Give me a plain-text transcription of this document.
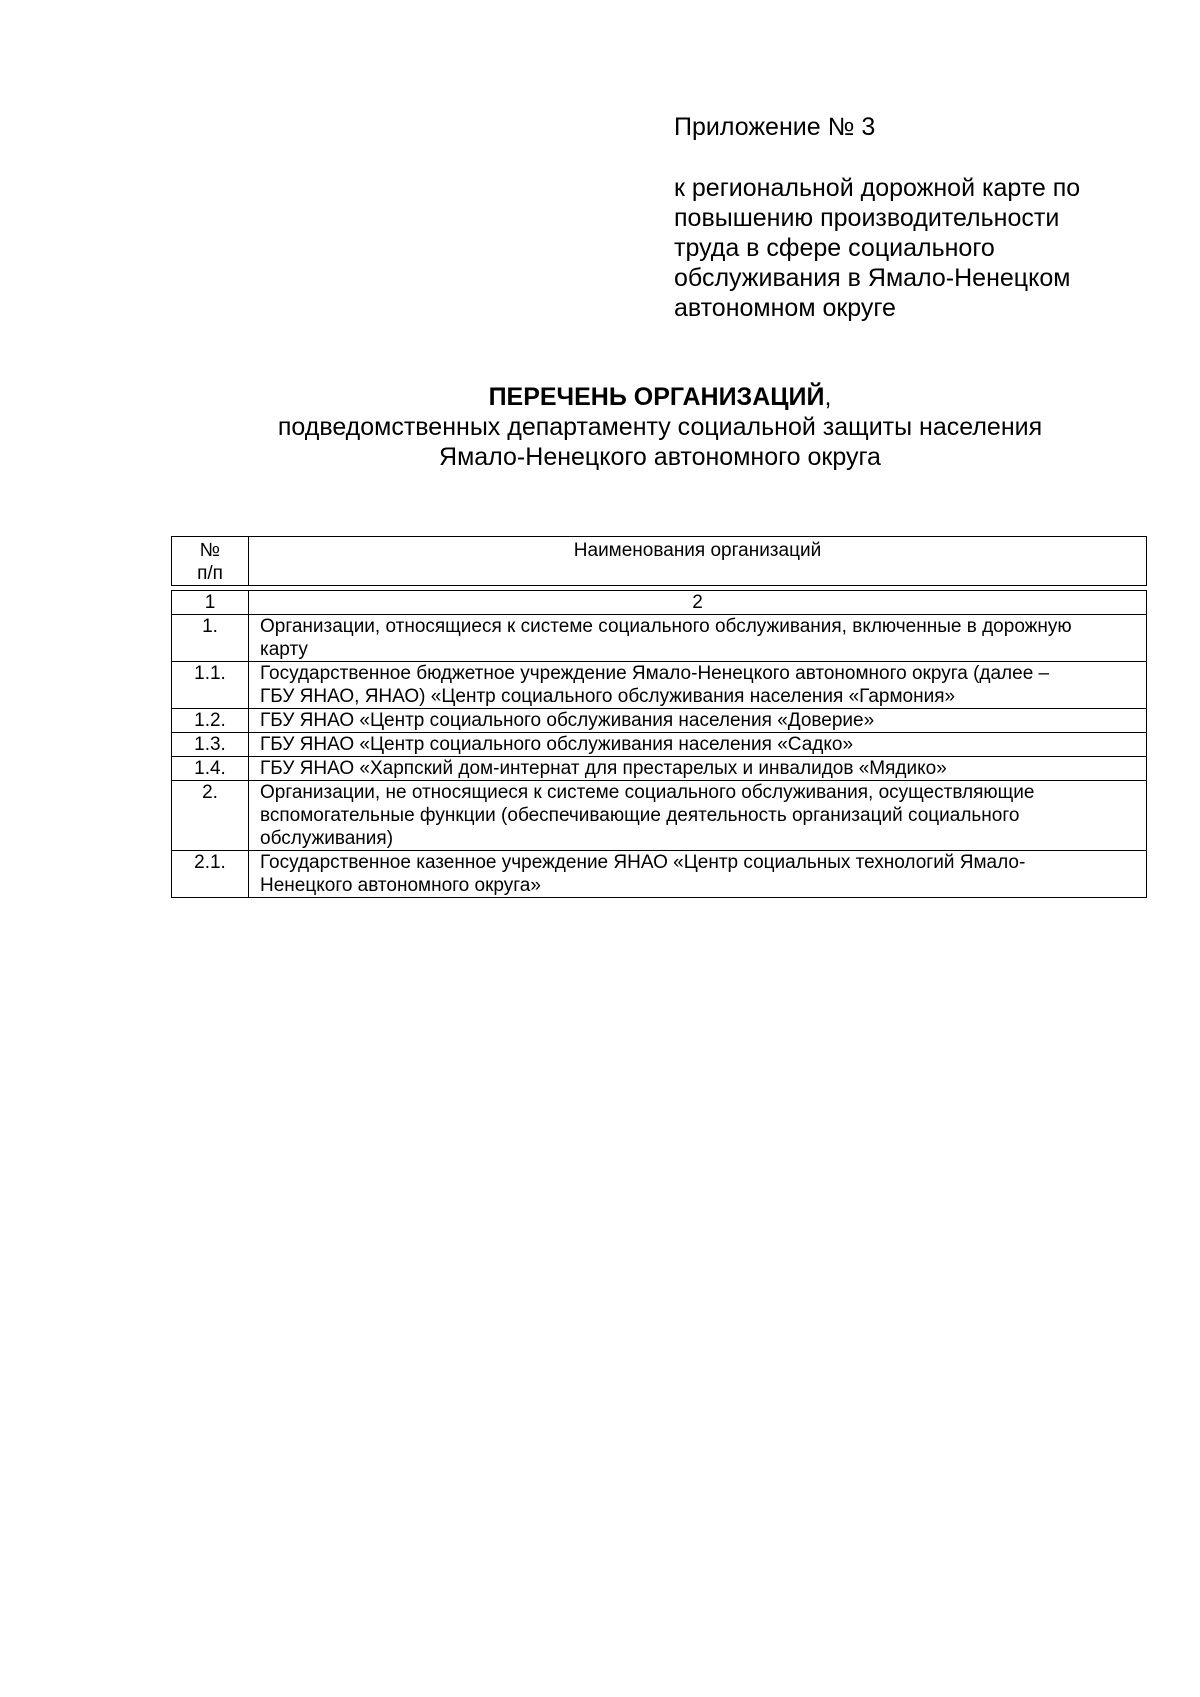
Приложение № 3
к региональной дорожной карте по
повышению производительности
труда в сфере социального
обслуживания в Ямало-Ненецком
автономном округе
ПЕРЕЧЕНЬ ОРГАНИЗАЦИЙ,
подведомственных департаменту социальной защиты населения
Ямало-Ненецкого автономного округа
№
п/п
	Наименования организаций
1	2
1.	Организации, относящиеся к системе социального обслуживания, включенные в дорожную
карту

1.1.	Государственное бюджетное учреждение Ямало-Ненецкого автономного округа (далее –
ГБУ ЯНАО, ЯНАО) «Центр социального обслуживания населения «Гармония»

1.2.	ГБУ ЯНАО «Центр социального обслуживания населения «Доверие»

1.3.	ГБУ ЯНАО «Центр социального обслуживания населения «Садко»

1.4.	ГБУ ЯНАО «Харпский дом-интернат для престарелых и инвалидов «Мядико»

2.	Организации, не относящиеся к системе социального обслуживания, осуществляющие
вспомогательные функции (обеспечивающие деятельность организаций социального
обслуживания)

2.1.	Государственное казенное учреждение ЯНАО «Центр социальных технологий Ямало-
Ненецкого автономного округа»
